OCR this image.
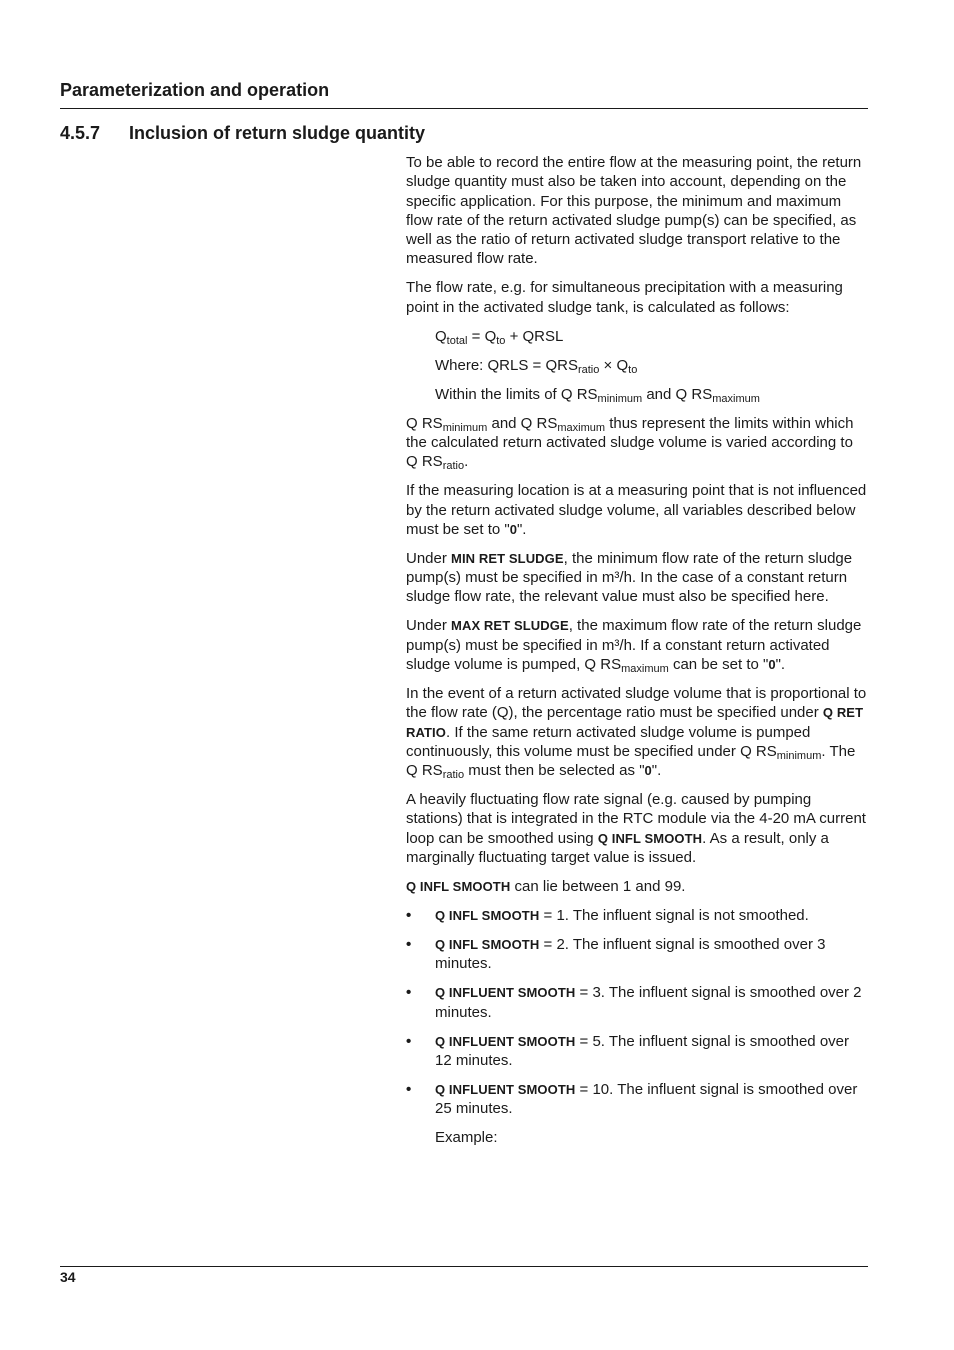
Parameterization and operation
4.5.7 Inclusion of return sludge quantity

To be able to record the entire flow at the measuring point, the return sludge quantity must also be taken into account, depending on the specific application. For this purpose, the minimum and maximum flow rate of the return activated sludge pump(s) can be specified, as well as the ratio of return activated sludge transport relative to the measured flow rate.

The flow rate, e.g. for simultaneous precipitation with a measuring point in the activated sludge tank, is calculated as follows:

$Q_{total} = Q_{to}$ + QRSL

Where: QRLS = $QRS_{ratio} \times Q_{to}$

Within the limits of Q $RS_{minimum}$ and Q $RS_{maximum}$

Q $RS_{minimum}$ and Q $RS_{maximum}$ thus represent the limits within which the calculated return activated sludge volume is varied according to Q $RS_{ratio}$.

If the measuring location is at a measuring point that is not influenced by the return activated sludge volume, all variables described below must be set to "0".

Under MIN RET SLUDGE, the minimum flow rate of the return sludge pump(s) must be specified in m³/h. In the case of a constant return sludge flow rate, the relevant value must also be specified here.

Under MAX RET SLUDGE, the maximum flow rate of the return sludge pump(s) must be specified in m³/h. If a constant return activated sludge volume is pumped, Q $RS_{maximum}$ can be set to "0".

In the event of a return activated sludge volume that is proportional to the flow rate (Q), the percentage ratio must be specified under Q RET RATIO. If the same return activated sludge volume is pumped continuously, this volume must be specified under Q $RS_{minimum}$. The Q $RS_{ratio}$ must then be selected as "0".

A heavily fluctuating flow rate signal (e.g. caused by pumping stations) that is integrated in the RTC module via the 4-20 mA current loop can be smoothed using Q INFL SMOOTH. As a result, only a marginally fluctuating target value is issued.

Q INFL SMOOTH can lie between 1 and 99.

• Q INFL SMOOTH = 1. The influent signal is not smoothed.
• Q INFL SMOOTH = 2. The influent signal is smoothed over 3 minutes.
• Q INFLUENT SMOOTH = 3. The influent signal is smoothed over 2 minutes.
• Q INFLUENT SMOOTH = 5. The influent signal is smoothed over 12 minutes.
• Q INFLUENT SMOOTH = 10. The influent signal is smoothed over 25 minutes.

Example:

34
